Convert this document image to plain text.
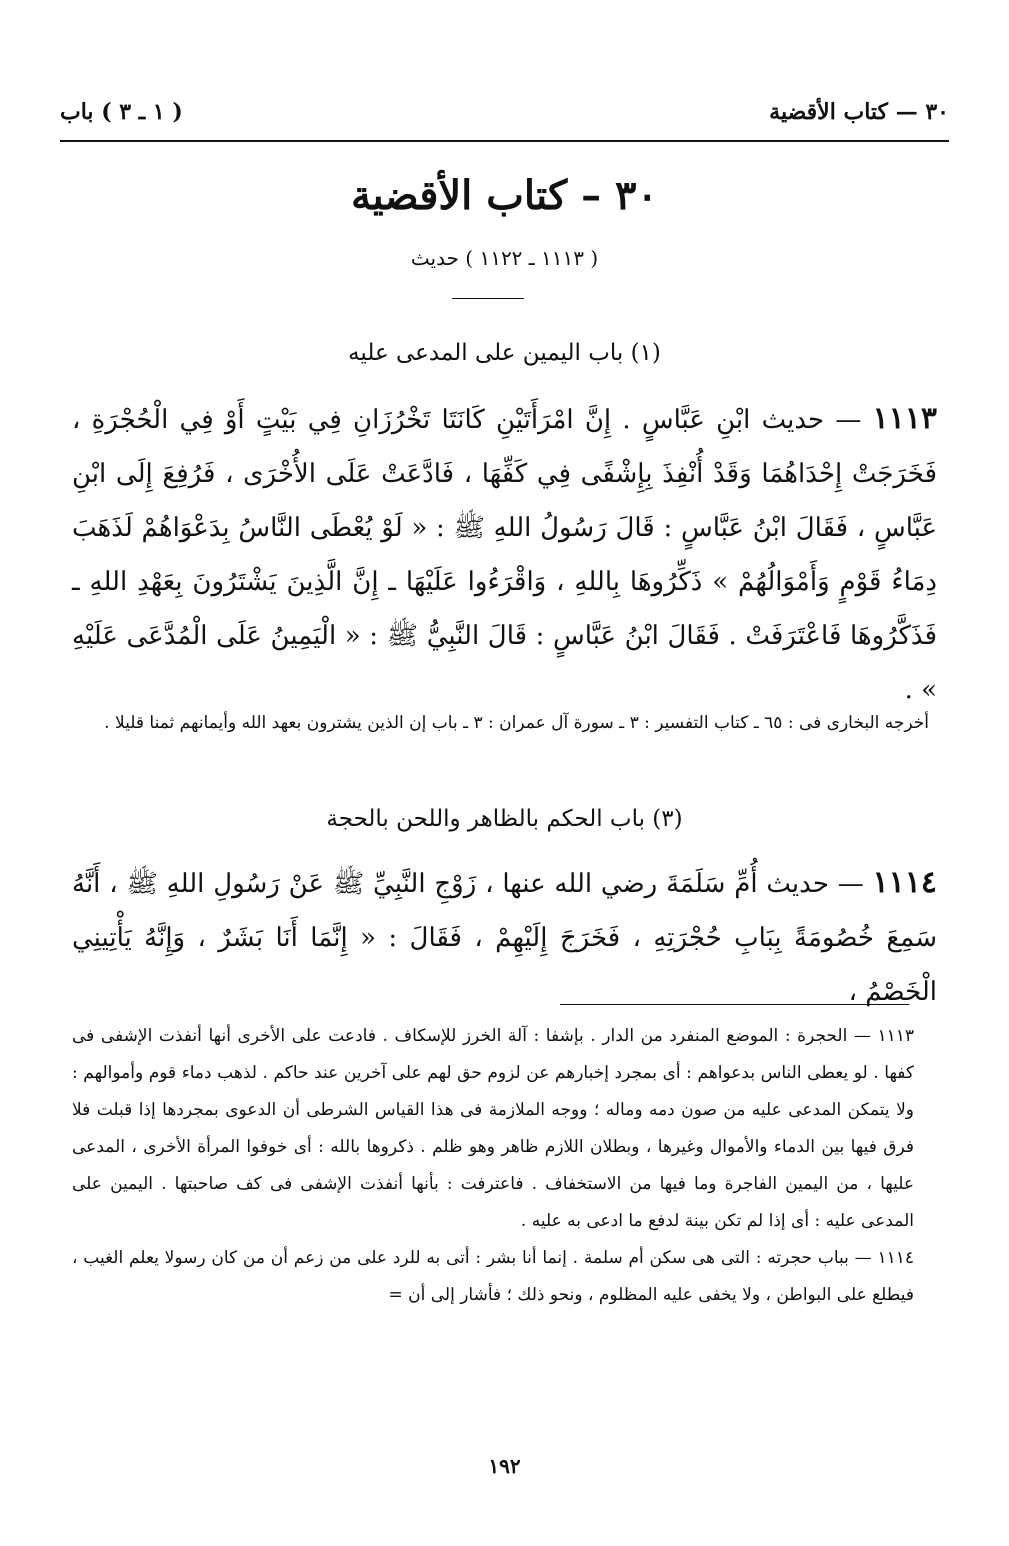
٣٠ — كتاب الأقضية
( ١ ـ ٣ ) باب
٣٠ – كتاب الأقضية
( ١١١٣ ـ ١١٢٢ ) حديث
(١) باب اليمين على المدعى عليه
١١١٣ — حديث ابْنِ عَبَّاسٍ . إِنَّ امْرَأَتَيْنِ كَانَتَا تَخْرُزَانِ فِي بَيْتٍ أَوْ فِي الْحُجْرَةِ ، فَخَرَجَتْ إِحْدَاهُمَا وَقَدْ أُنْفِذَ بِإِشْفًى فِي كَفِّهَا ، فَادَّعَتْ عَلَى الأُخْرَى ، فَرُفِعَ إِلَى ابْنِ عَبَّاسٍ ، فَقَالَ ابْنُ عَبَّاسٍ : قَالَ رَسُولُ اللهِ ﷺ : « لَوْ يُعْطَى النَّاسُ بِدَعْوَاهُمْ لَذَهَبَ دِمَاءُ قَوْمٍ وَأَمْوَالُهُمْ » ذَكِّرُوهَا بِاللهِ ، وَاقْرَءُوا عَلَيْهَا ـ إِنَّ الَّذِينَ يَشْتَرُونَ بِعَهْدِ اللهِ ـ فَذَكَّرُوهَا فَاعْتَرَفَتْ . فَقَالَ ابْنُ عَبَّاسٍ : قَالَ النَّبِيُّ ﷺ : « الْيَمِينُ عَلَى الْمُدَّعَى عَلَيْهِ » .
أخرجه البخارى فى : ٦٥ ـ كتاب التفسير : ٣ ـ سورة آل عمران : ٣ ـ باب إن الذين يشترون بعهد الله وأيمانهم ثمنا قليلا .
(٣) باب الحكم بالظاهر واللحن بالحجة
١١١٤ — حديث أُمِّ سَلَمَةَ رضي الله عنها ، زَوْجِ النَّبِيِّ ﷺ عَنْ رَسُولِ اللهِ ﷺ ، أَنَّهُ سَمِعَ خُصُومَةً بِبَابِ حُجْرَتِهِ ، فَخَرَجَ إِلَيْهِمْ ، فَقَالَ : « إِنَّمَا أَنَا بَشَرٌ ، وَإِنَّهُ يَأْتِينِي الْخَصْمُ ،

١١١٣ — الحجرة : الموضع المنفرد من الدار . بإشفا : آلة الخرز للإسكاف . فادعت على الأخرى أنها أنفذت الإشفى فى كفها . لو يعطى الناس بدعواهم : أى بمجرد إخبارهم عن لزوم حق لهم على آخرين عند حاكم . لذهب دماء قوم وأموالهم : ولا يتمكن المدعى عليه من صون دمه وماله ؛ ووجه الملازمة فى هذا القياس الشرطى أن الدعوى بمجردها إذا قبلت فلا فرق فيها بين الدماء والأموال وغيرها ، وبطلان اللازم ظاهر وهو ظلم . ذكروها بالله : أى خوفوا المرأة الأخرى ، المدعى عليها ، من اليمين الفاجرة وما فيها من الاستخفاف . فاعترفت : بأنها أنفذت الإشفى فى كف صاحبتها . اليمين على المدعى عليه : أى إذا لم تكن بينة لدفع ما ادعى به عليه .

١١١٤ — بباب حجرته : التى هى سكن أم سلمة . إنما أنا بشر : أتى به للرد على من زعم أن من كان رسولا يعلم الغيب ، فيطلع على البواطن ، ولا يخفى عليه المظلوم ، ونحو ذلك ؛ فأشار إلى أن =

١٩٢
